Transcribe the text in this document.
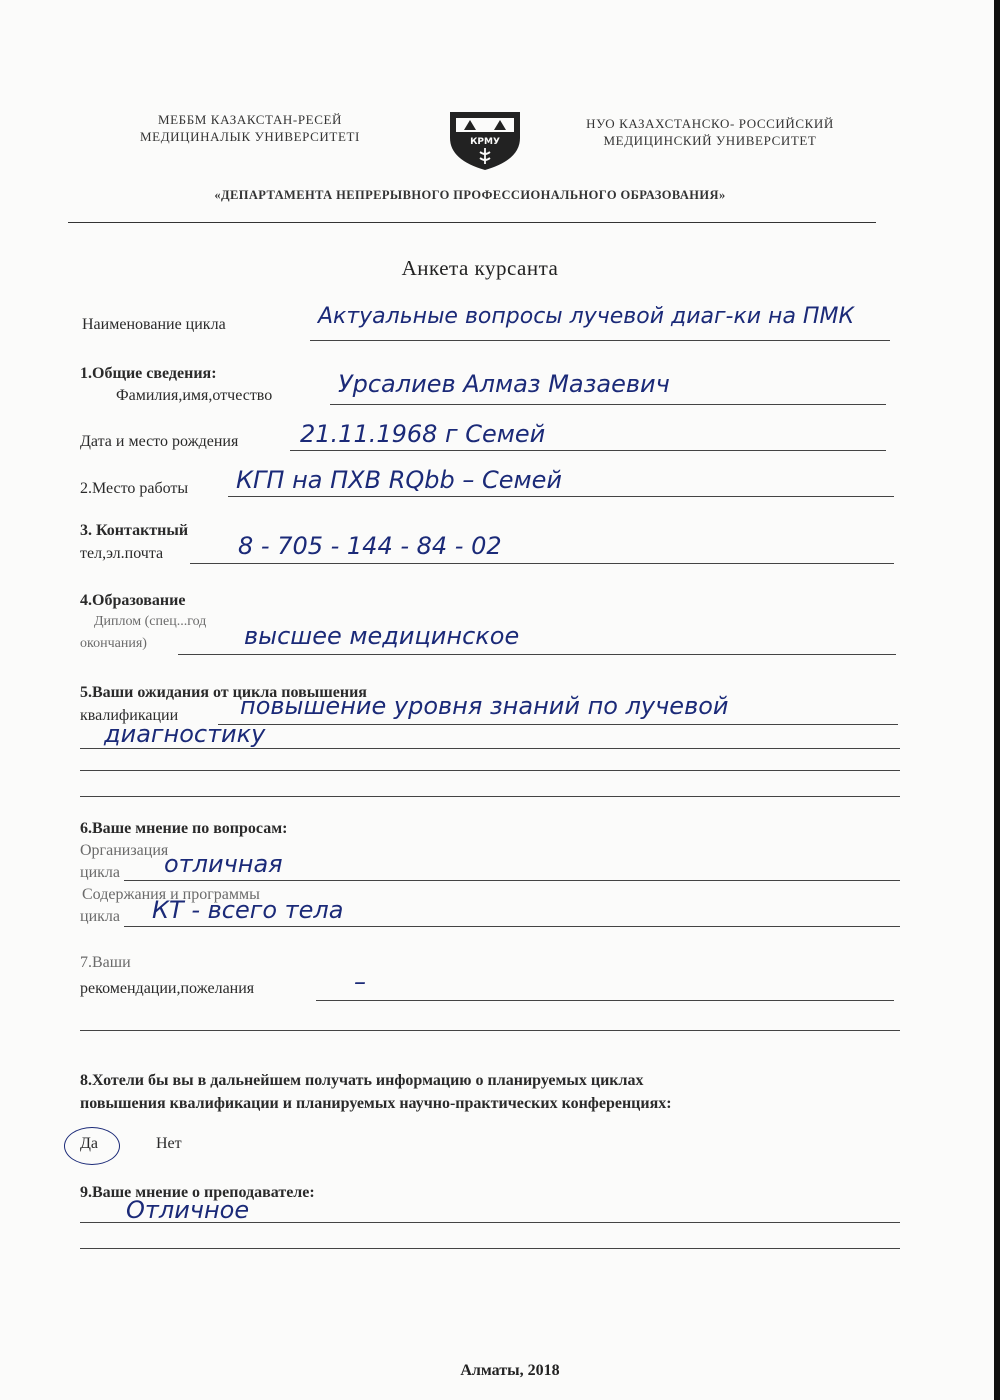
МЕББМ КАЗАКСТАН-РЕСЕЙ
МЕДИЦИНАЛЫК УНИВЕРСИТЕТІ	КРМУ
НУО КАЗАХСТАНСКО- РОССИЙСКИЙ
МЕДИЦИНСКИЙ УНИВЕРСИТЕТ
«ДЕПАРТАМЕНТА НЕПРЕРЫВНОГО ПРОФЕССИОНАЛЬНОГО ОБРАЗОВАНИЯ»
Анкета курсанта
Наименование цикла	Актуальные вопросы лучевой диаг-ки на ПМК
1.Общие сведения:
Фамилия,имя,отчество	Урсалиев Алмаз Мазаевич
Дата и место рождения	21.11.1968 г Семей
2.Место работы КГП на ПХВ RQbb – Семей
3. Контактный
тел,эл.почта	8 - 705 - 144 - 84 - 02
4.Образование
Диплом (спец...год
окончания)	высшее медицинское
5.Ваши ожидания от цикла повышения
квалификации	повышение уровня знаний по лучевой
диагностику
6.Ваше мнение по вопросам:
Организация
цикла отличная
Содержания и программы
цикла КТ - всего тела
7.Ваши
рекомендации,пожелания	–
8.Хотели бы вы в дальнейшем получать информацию о планируемых циклах
повышения квалификации и планируемых научно-практических конференциях:
Да	Нет
9.Ваше мнение о преподавателе:
Отличное
Алматы, 2018
